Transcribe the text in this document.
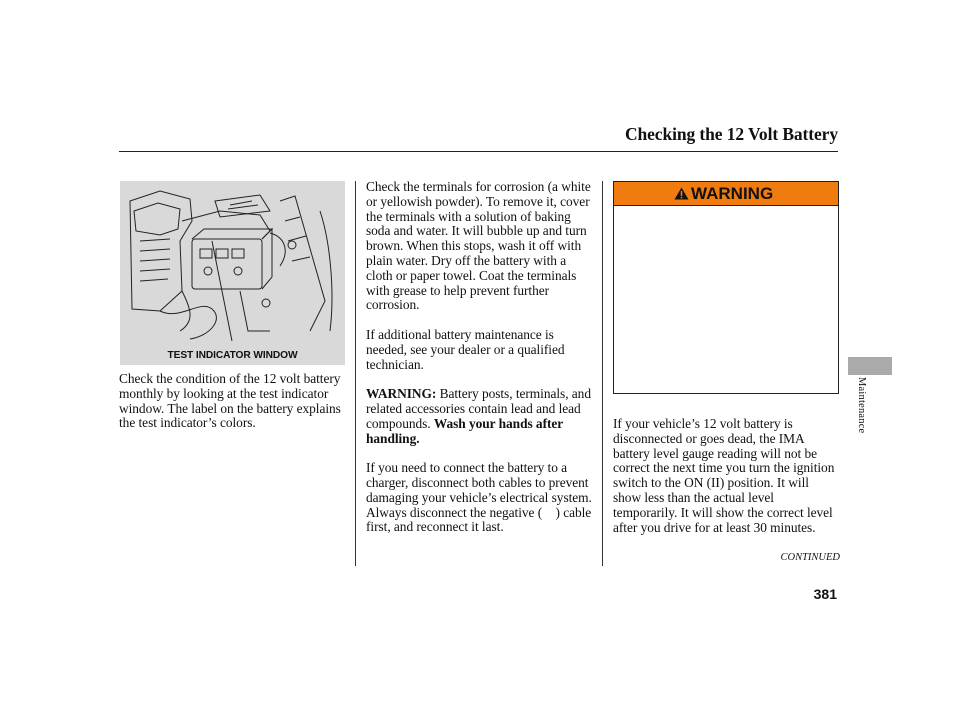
Checking the 12 Volt Battery
TEST INDICATOR WINDOW

Check the condition of the 12 volt battery monthly by looking at the test indicator window. The label on the battery explains the test indicator’s colors.

Check the terminals for corrosion (a white or yellowish powder). To remove it, cover the terminals with a solution of baking soda and water. It will bubble up and turn brown. When this stops, wash it off with plain water. Dry off the battery with a cloth or paper towel. Coat the terminals with grease to help prevent further corrosion.

If additional battery maintenance is needed, see your dealer or a qualified technician.

WARNING: Battery posts, terminals, and related accessories contain lead and lead compounds. Wash your hands after handling.

If you need to connect the battery to a charger, disconnect both cables to prevent damaging your vehicle’s electrical system. Always disconnect the negative ( ) cable first, and reconnect it last.

WARNING

If your vehicle’s 12 volt battery is disconnected or goes dead, the IMA battery level gauge reading will not be correct the next time you turn the ignition switch to the ON (II) position. It will show less than the actual level temporarily. It will show the correct level after you drive for at least 30 minutes.

CONTINUED
381
Maintenance
